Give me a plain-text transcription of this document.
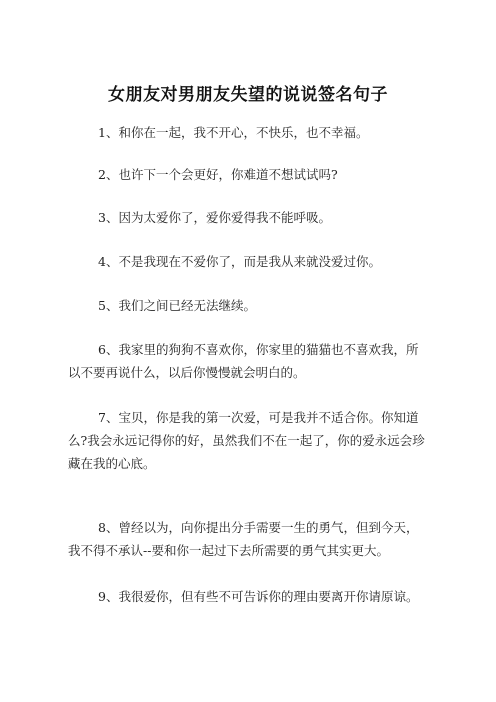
女朋友对男朋友失望的说说签名句子

1、和你在一起，我不开心，不快乐，也不幸福。

2、也许下一个会更好，你难道不想试试吗?

3、因为太爱你了，爱你爱得我不能呼吸。

4、不是我现在不爱你了，而是我从来就没爱过你。

5、我们之间已经无法继续。

6、我家里的狗狗不喜欢你，你家里的猫猫也不喜欢我，所以不要再说什么，以后你慢慢就会明白的。

7、宝贝，你是我的第一次爱，可是我并不适合你。你知道么?我会永远记得你的好，虽然我们不在一起了，你的爱永远会珍藏在我的心底。

8、曾经以为，向你提出分手需要一生的勇气，但到今天，我不得不承认--要和你一起过下去所需要的勇气其实更大。

9、我很爱你，但有些不可告诉你的理由要离开你请原谅。
